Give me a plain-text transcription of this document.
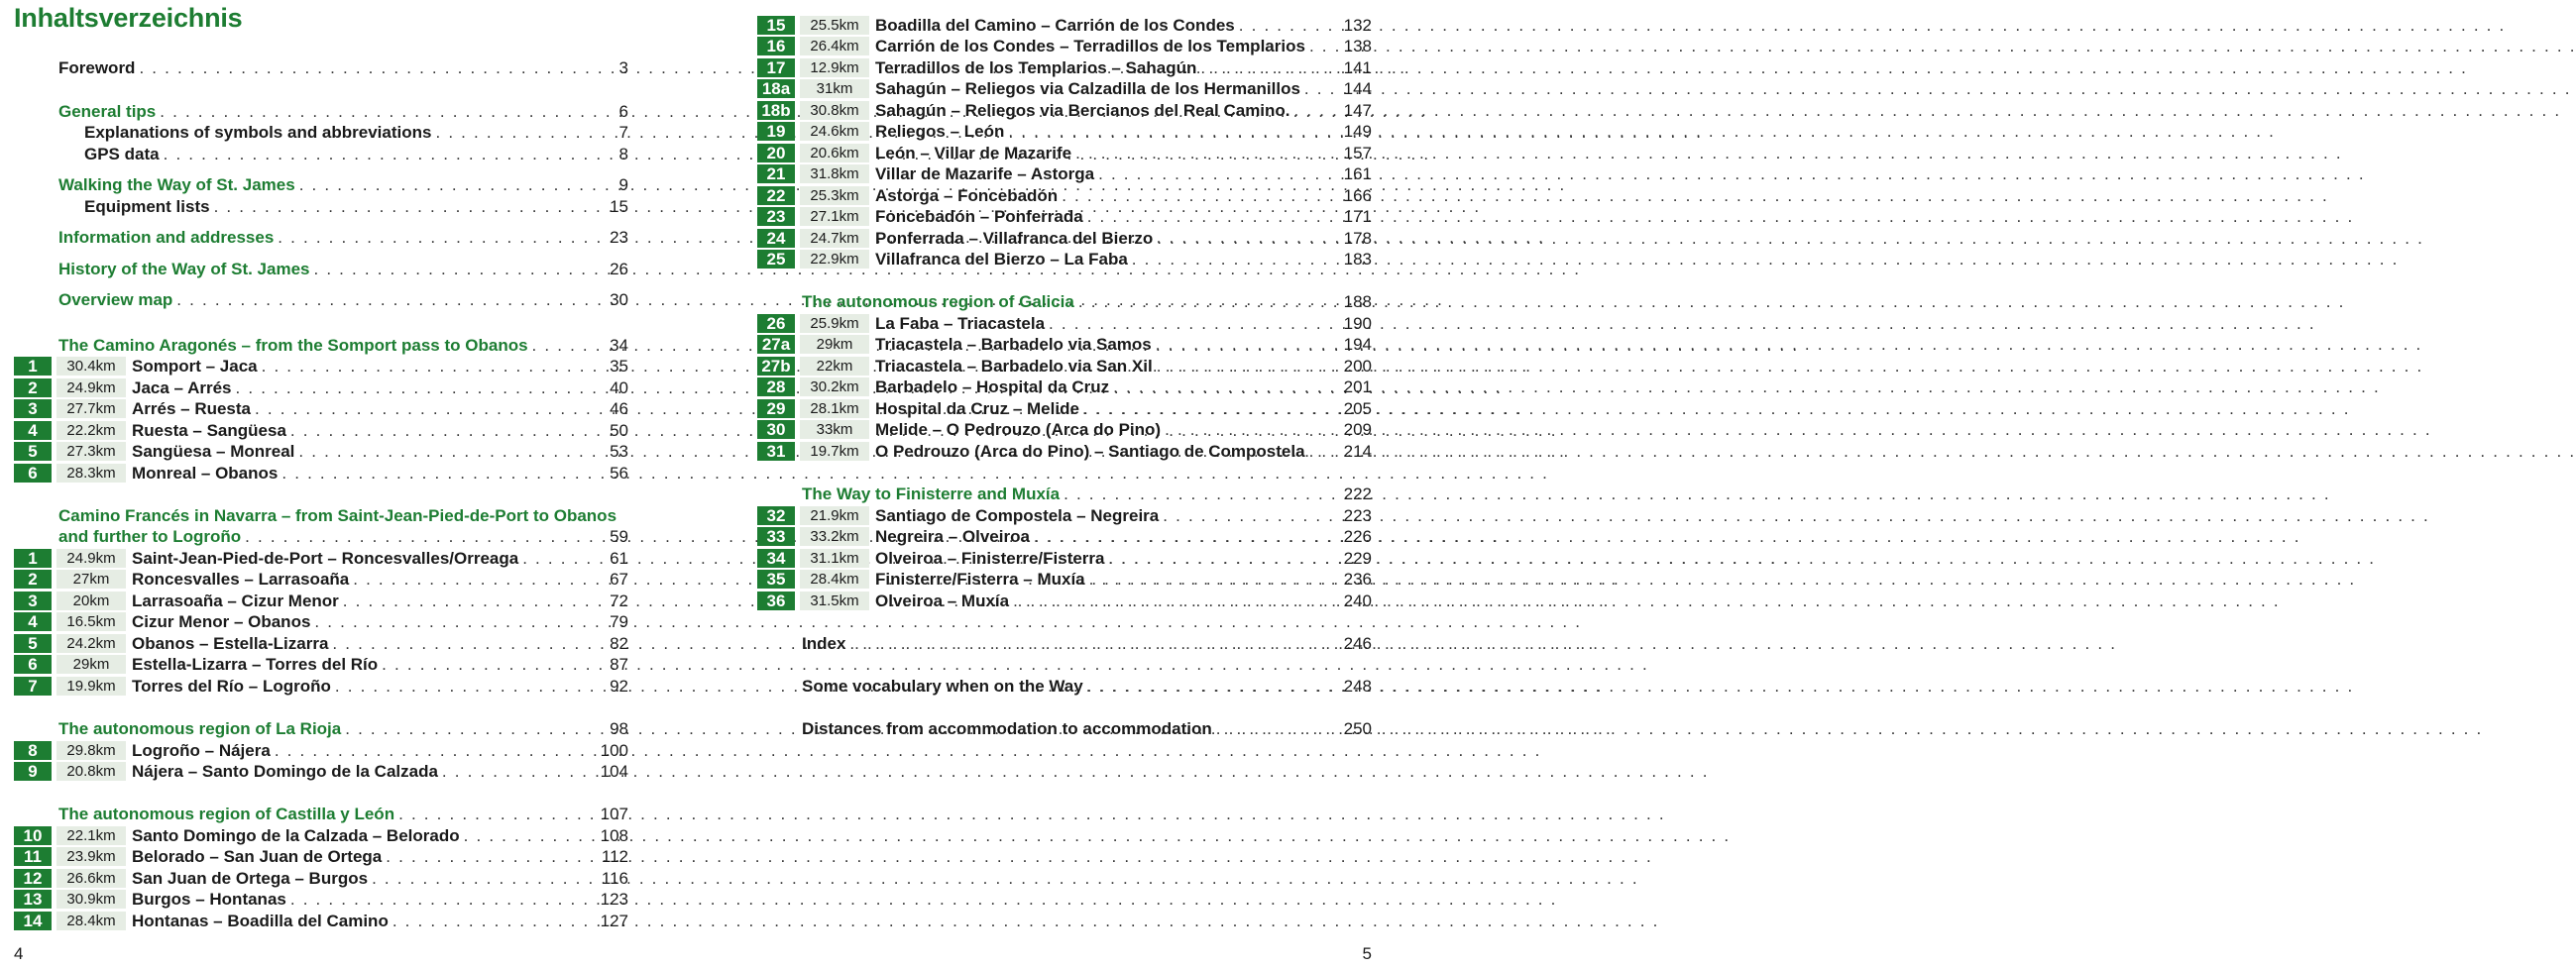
Inhaltsverzeichnis
Foreword . . .	3
General tips . . .	6
Explanations of symbols and abbreviations . . .	7
GPS data . . .	8
Walking the Way of St. James . . .	9
Equipment lists . . .	15
Information and addresses . . .	23
History of the Way of St. James . . .	26
Overview map . . .	30
The Camino Aragonés – from the Somport pass to Obanos . . .	34
1	30.4km Somport – Jaca . . .	35
2	24.9km Jaca – Arrés . . .	40
3	27.7km Arrés – Ruesta . . .	46
4	22.2km Ruesta – Sangüesa . . .	50
5	27.3km Sangüesa – Monreal . . .	53
6	28.3km Monreal – Obanos . . .	56
Camino Francés in Navarra – from Saint-Jean-Pied-de-Port to Obanos
and further to Logroño . . .	59
1	24.9km Saint-Jean-Pied-de-Port – Roncesvalles/Orreaga . . .	61
2	27km	Roncesvalles – Larrasoaña . . .	67
3	20km	Larrasoaña – Cizur Menor . . .	72
4	16.5km Cizur Menor – Obanos . . .	79
5	24.2km Obanos – Estella-Lizarra . . .	82
6	29km	Estella-Lizarra – Torres del Río . . .	87
7	19.9km Torres del Río – Logroño . . .	92
The autonomous region of La Rioja . . .	98
8	29.8km Logroño – Nájera . . .	100
9	20.8km Nájera – Santo Domingo de la Calzada . . .	104
The autonomous region of Castilla y León . . .	107
10	22.1km Santo Domingo de la Calzada – Belorado . . .	108
11	23.9km Belorado – San Juan de Ortega . . .	112
12	26.6km San Juan de Ortega – Burgos . . .	116
13	30.9km Burgos – Hontanas . . .	123
14	28.4km Hontanas – Boadilla del Camino . . .	127
15	25.5km Boadilla del Camino – Carrión de los Condes . . .	132
16	26.4km Carrión de los Condes – Terradillos de los Templarios . . . 138
17	12.9km Terradillos de los Templarios – Sahagún . . .	141
18a	31km	Sahagún – Reliegos via Calzadilla de los Hermanillos . . .	144
18b	30.8km Sahagún – Reliegos via Bercianos del Real Camino. . . .	147
19	24.6km Reliegos – León . . .	149
20	20.6km León – Villar de Mazarife . . .	157
21	31.8km Villar de Mazarife – Astorga . . .	161
22	25.3km Astorga – Foncebadón . . .	166
23	27.1km Foncebadón – Ponferrada . . .	171
24	24.7km Ponferrada – Villafranca del Bierzo . . .	178
25	22.9km Villafranca del Bierzo – La Faba . . .	183
The autonomous region of Galicia . . .	188
26	25.9km La Faba – Triacastela . . .	190
27a	29km	Triacastela – Barbadelo via Samos . . .	194
27b	22km	Triacastela – Barbadelo via San Xil . . .	200
28	30.2km Barbadelo – Hospital da Cruz . . .	201
29	28.1km Hospital da Cruz – Melide . . .	205
30	33km	Melide – O Pedrouzo (Arca do Pino) . . .	209
31	19.7km O Pedrouzo (Arca do Pino) – Santiago de Compostela . . . 214
The Way to Finisterre and Muxía . . .	222
32	21.9km Santiago de Compostela – Negreira . . .	223
33	33.2km Negreira – Olveiroa . . .	226
34	31.1km Olveiroa – Finisterre/Fisterra . . .	229
35	28.4km Finisterre/Fisterra – Muxía . . .	236
36	31.5km Olveiroa – Muxía . . .	240
Index . . .	246
Some vocabulary when on the Way . . .	248
Distances from accommodation to accommodation . . .	250
4	5
